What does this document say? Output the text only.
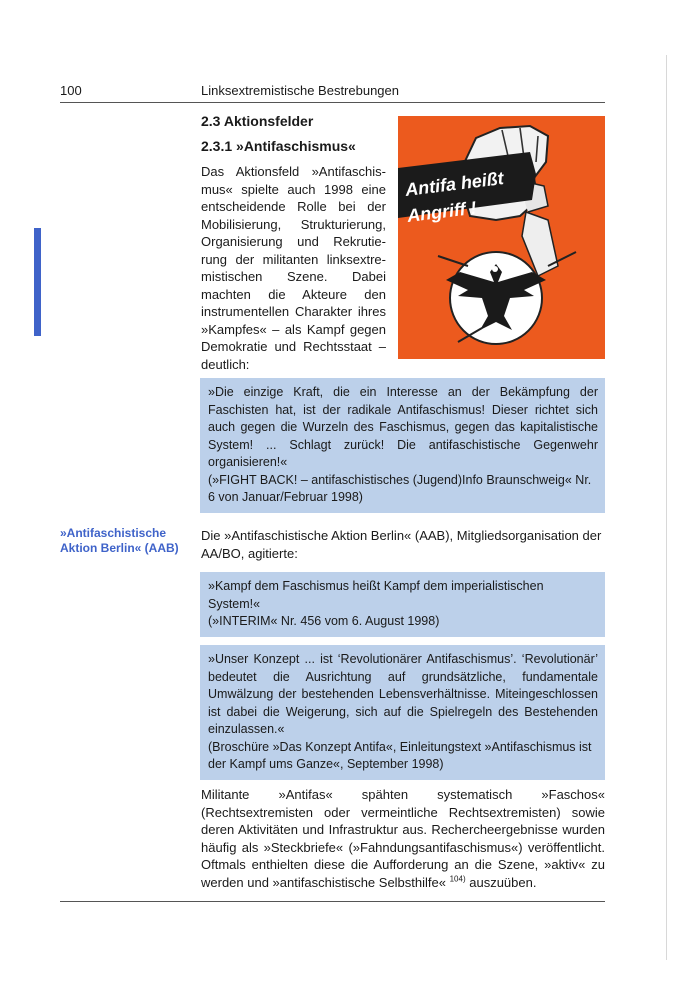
100	Linksextremistische Bestrebungen
2.3 Aktionsfelder
2.3.1 »Antifaschismus«
Das Aktionsfeld »Antifaschis-
mus« spielte auch 1998 eine
entscheidende Rolle bei der
Mobilisierung, Strukturierung,
Organisierung und Rekrutie-
rung der militanten linksextre-
mistischen Szene. Dabei
machten die Akteure den
instrumentellen Charakter ihres
»Kampfes« – als Kampf gegen
Demokratie und Rechtsstaat –
deutlich:
Antifa heißt
Angriff !
»Die einzige Kraft, die ein Interesse an der Bekämpfung der Faschisten hat, ist der radikale Antifaschismus! Dieser richtet sich auch gegen die Wurzeln des Faschismus, gegen das kapitalistische System! ... Schlagt zurück! Die antifaschistische Gegenwehr organisieren!«
(»FIGHT BACK! – antifaschistisches (Jugend)Info Braunschweig« Nr. 6 von Januar/Februar 1998)
»Antifaschistische
Aktion Berlin« (AAB)
Die »Antifaschistische Aktion Berlin« (AAB), Mitgliedsorganisation der AA/BO, agitierte:
»Kampf dem Faschismus heißt Kampf dem imperialistischen System!«
(»INTERIM« Nr. 456 vom 6. August 1998)
»Unser Konzept ... ist ‘Revolutionärer Antifaschismus’. ‘Revolutionär’ bedeutet die Ausrichtung auf grundsätzliche, fundamentale Umwälzung der bestehenden Lebensverhältnisse. Miteingeschlossen ist dabei die Weigerung, sich auf die Spielregeln des Bestehenden einzulassen.«
(Broschüre »Das Konzept Antifa«, Einleitungstext »Antifaschismus ist der Kampf ums Ganze«, September 1998)
Militante »Antifas« spähten systematisch »Faschos« (Rechtsextremisten oder vermeintliche Rechtsextremisten) sowie deren Aktivitäten und Infrastruktur aus. Recherchеergebnisse wurden häufig als »Steckbriefe« (»Fahndungsantifaschismus«) veröffentlicht. Oftmals enthielten diese die Aufforderung an die Szene, »aktiv« zu werden und »antifaschistische Selbsthilfe« $^{104)}$ auszuüben.
